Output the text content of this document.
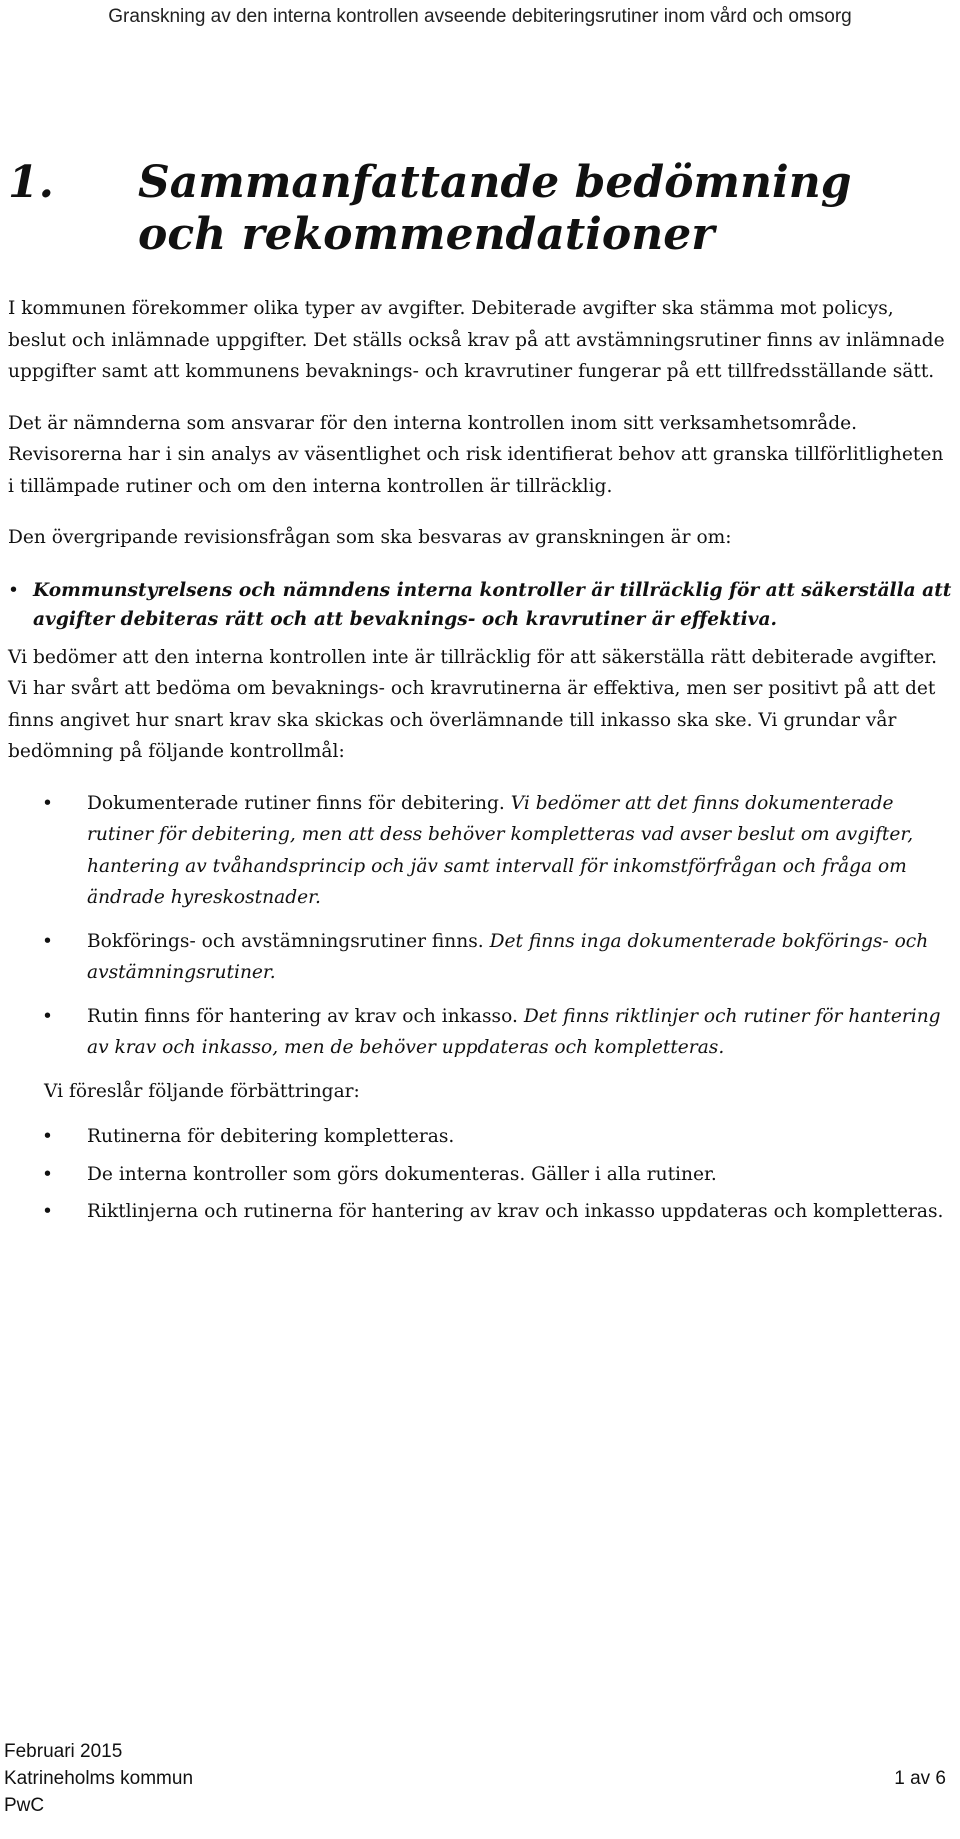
Granskning av den interna kontrollen avseende debiteringsrutiner inom vård och omsorg
1. Sammanfattande bedömning och rekommendationer

I kommunen förekommer olika typer av avgifter. Debiterade avgifter ska stämma mot policys, beslut och inlämnade uppgifter. Det ställs också krav på att avstämningsrutiner finns av inlämnade uppgifter samt att kommunens bevaknings- och kravrutiner fungerar på ett tillfredsställande sätt.

Det är nämnderna som ansvarar för den interna kontrollen inom sitt verksamhetsområde. Revisorerna har i sin analys av väsentlighet och risk identifierat behov att granska tillförlitligheten i tillämpade rutiner och om den interna kontrollen är tillräcklig.

Den övergripande revisionsfrågan som ska besvaras av granskningen är om:

• Kommunstyrelsens och nämndens interna kontroller är tillräcklig för att säkerställa att avgifter debiteras rätt och att bevaknings- och kravrutiner är effektiva.

Vi bedömer att den interna kontrollen inte är tillräcklig för att säkerställa rätt debiterade avgifter. Vi har svårt att bedöma om bevaknings- och kravrutinerna är effektiva, men ser positivt på att det finns angivet hur snart krav ska skickas och överlämnande till inkasso ska ske. Vi grundar vår bedömning på följande kontrollmål:

• Dokumenterade rutiner finns för debitering. Vi bedömer att det finns dokumenterade rutiner för debitering, men att dess behöver kompletteras vad avser beslut om avgifter, hantering av tvåhandsprincip och jäv samt intervall för inkomstförfrågan och fråga om ändrade hyreskostnader.
• Bokförings- och avstämningsrutiner finns. Det finns inga dokumenterade bokförings- och avstämningsrutiner.
• Rutin finns för hantering av krav och inkasso. Det finns riktlinjer och rutiner för hantering av krav och inkasso, men de behöver uppdateras och kompletteras.

Vi föreslår följande förbättringar:

• Rutinerna för debitering kompletteras.
• De interna kontroller som görs dokumenteras. Gäller i alla rutiner.
• Riktlinjerna och rutinerna för hantering av krav och inkasso uppdateras och kompletteras.
Februari 2015
Katrineholms kommun	1 av 6
PwC
